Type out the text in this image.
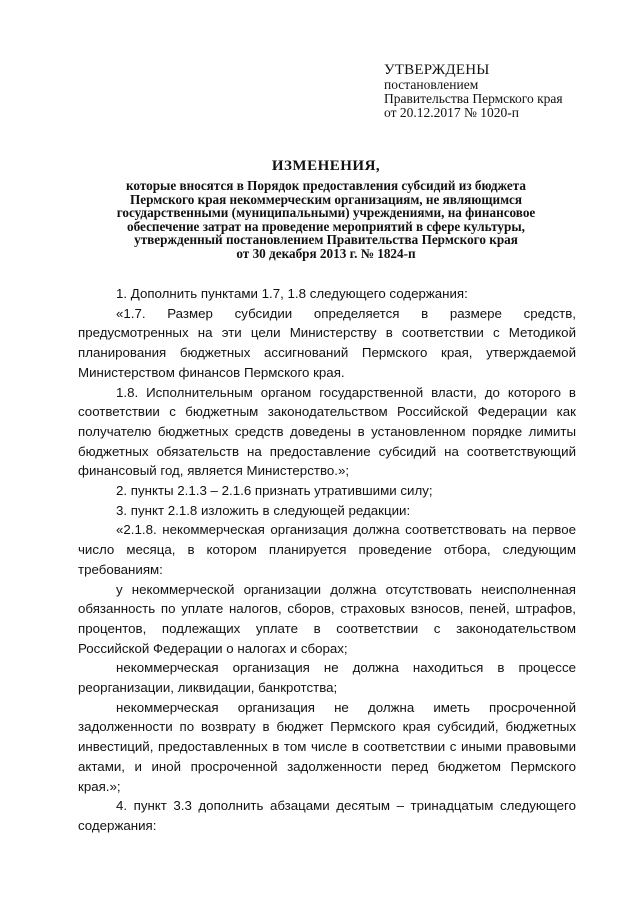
УТВЕРЖДЕНЫ
постановлением
Правительства Пермского края
от 20.12.2017 № 1020-п
ИЗМЕНЕНИЯ,
которые вносятся в Порядок предоставления субсидий из бюджета
Пермского края некоммерческим организациям, не являющимся
государственными (муниципальными) учреждениями, на финансовое
обеспечение затрат на проведение мероприятий в сфере культуры,
утвержденный постановлением Правительства Пермского края
от 30 декабря 2013 г. № 1824-п

1. Дополнить пунктами 1.7, 1.8 следующего содержания:

«1.7. Размер субсидии определяется в размере средств, предусмотренных на эти цели Министерству в соответствии с Методикой планирования бюджетных ассигнований Пермского края, утверждаемой Министерством финансов Пермского края.

1.8. Исполнительным органом государственной власти, до которого в соответствии с бюджетным законодательством Российской Федерации как получателю бюджетных средств доведены в установленном порядке лимиты бюджетных обязательств на предоставление субсидий на соответствующий финансовый год, является Министерство.»;

2. пункты 2.1.3 – 2.1.6 признать утратившими силу;

3. пункт 2.1.8 изложить в следующей редакции:

«2.1.8. некоммерческая организация должна соответствовать на первое число месяца, в котором планируется проведение отбора, следующим требованиям:

у некоммерческой организации должна отсутствовать неисполненная обязанность по уплате налогов, сборов, страховых взносов, пеней, штрафов, процентов, подлежащих уплате в соответствии с законодательством Российской Федерации о налогах и сборах;

некоммерческая организация не должна находиться в процессе реорганизации, ликвидации, банкротства;

некоммерческая организация не должна иметь просроченной задолженности по возврату в бюджет Пермского края субсидий, бюджетных инвестиций, предоставленных в том числе в соответствии с иными правовыми актами, и иной просроченной задолженности перед бюджетом Пермского края.»;

4. пункт 3.3 дополнить абзацами десятым – тринадцатым следующего содержания:
